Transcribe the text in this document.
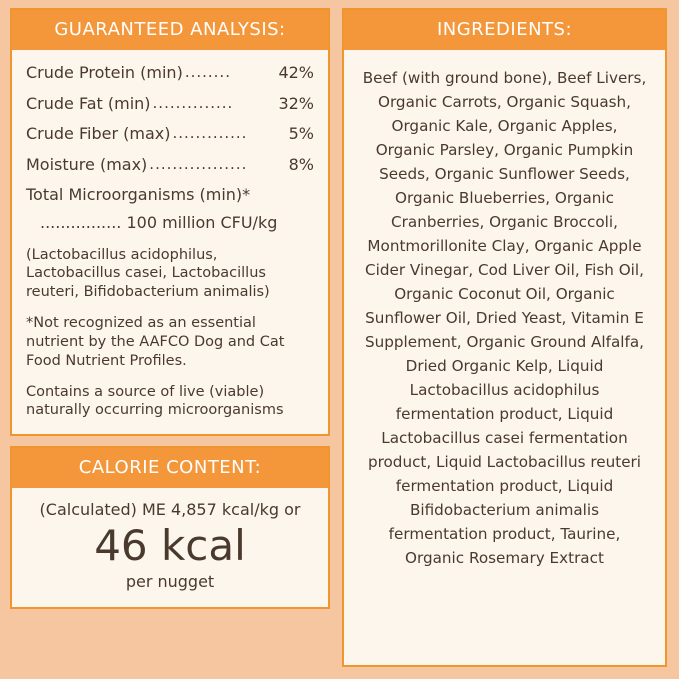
GUARANTEED ANALYSIS:
Crude Protein (min) ........	42%
Crude Fat (min) ..............	32%
Crude Fiber (max) .............	5%
Moisture (max) .................	8%
Total Microorganisms (min)*
................ 100 million CFU/kg
(Lactobacillus acidophilus, Lactobacillus casei, Lactobacillus reuteri, Bifidobacterium animalis)
*Not recognized as an essential nutrient by the AAFCO Dog and Cat Food Nutrient Profiles.
Contains a source of live (viable) naturally occurring microorganisms
CALORIE CONTENT:
(Calculated) ME 4,857 kcal/kg or
46 kcal
per nugget
INGREDIENTS:
Beef (with ground bone), Beef Livers, Organic Carrots, Organic Squash, Organic Kale, Organic Apples, Organic Parsley, Organic Pumpkin Seeds, Organic Sunflower Seeds, Organic Blueberries, Organic Cranberries, Organic Broccoli, Montmorillonite Clay, Organic Apple Cider Vinegar, Cod Liver Oil, Fish Oil, Organic Coconut Oil, Organic Sunflower Oil, Dried Yeast, Vitamin E Supplement, Organic Ground Alfalfa, Dried Organic Kelp, Liquid Lactobacillus acidophilus fermentation product, Liquid Lactobacillus casei fermentation product, Liquid Lactobacillus reuteri fermentation product, Liquid Bifidobacterium animalis fermentation product, Taurine, Organic Rosemary Extract
